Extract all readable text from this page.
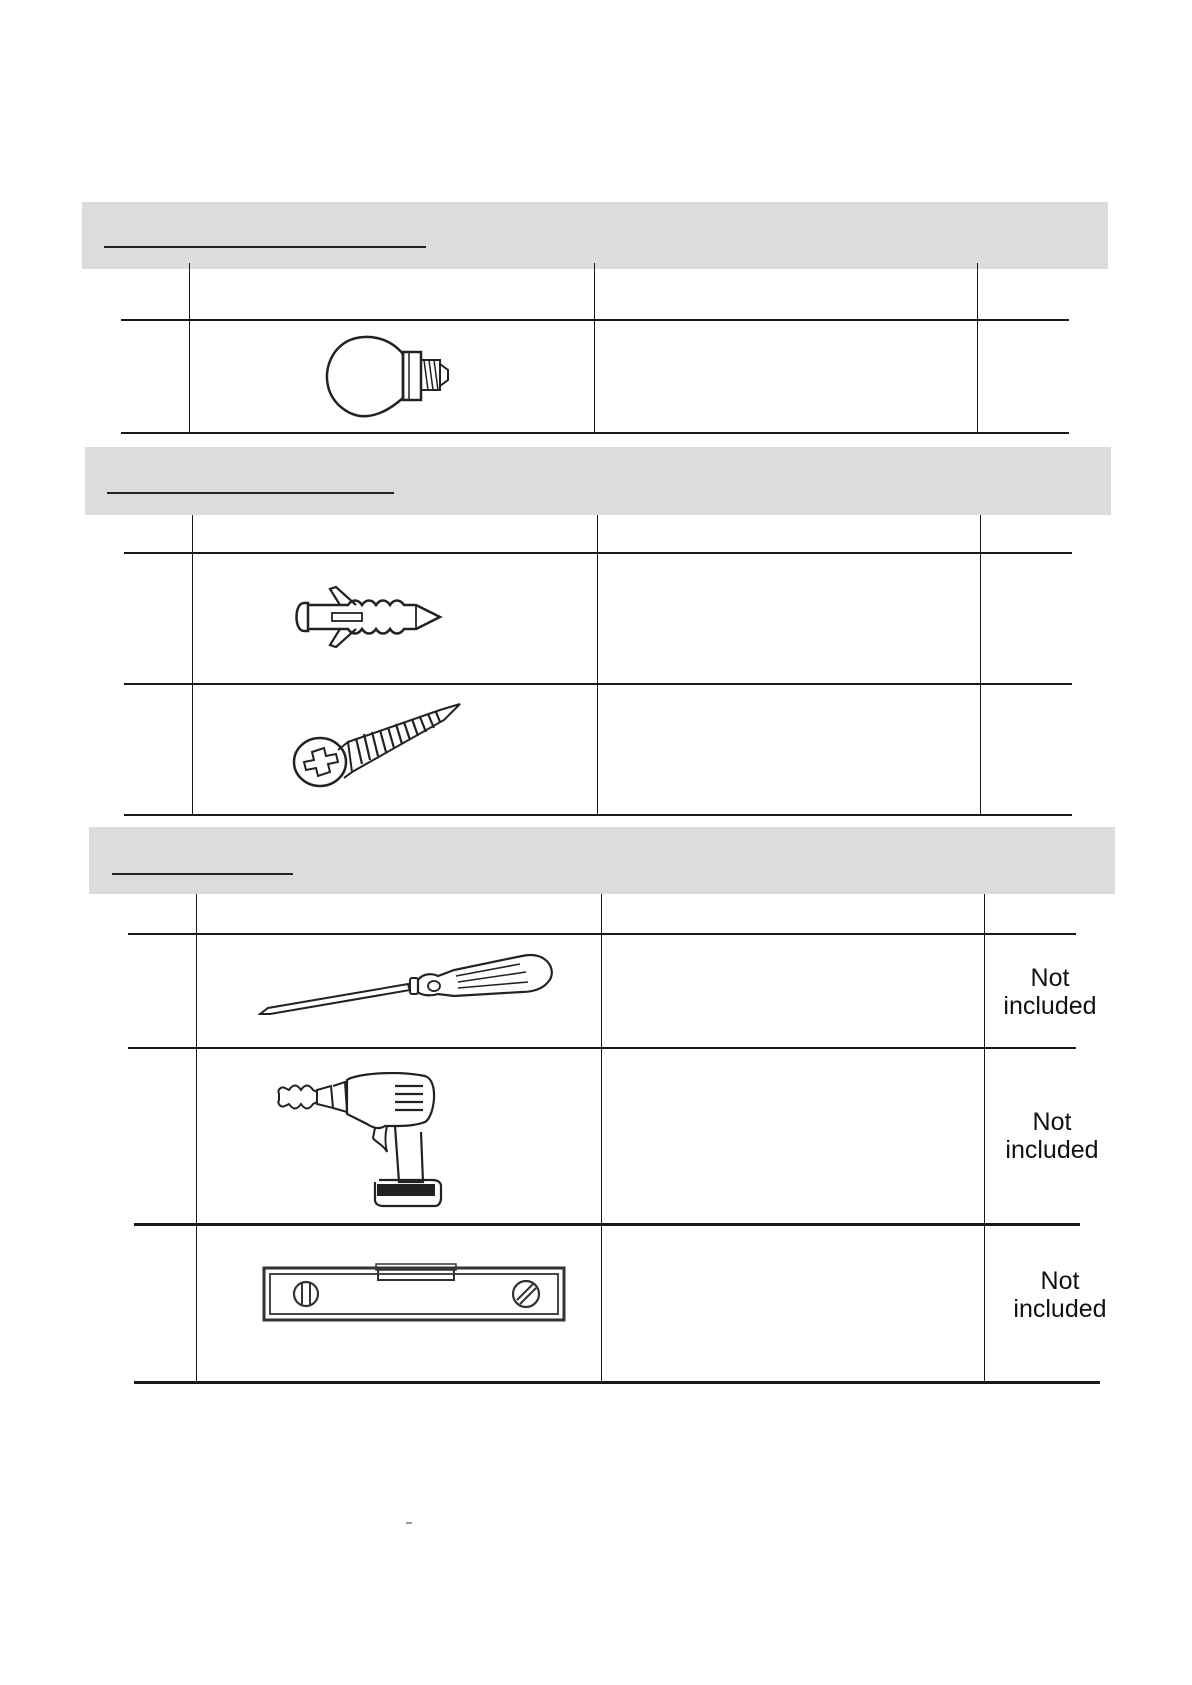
Not
included
Not
included
Not
included
